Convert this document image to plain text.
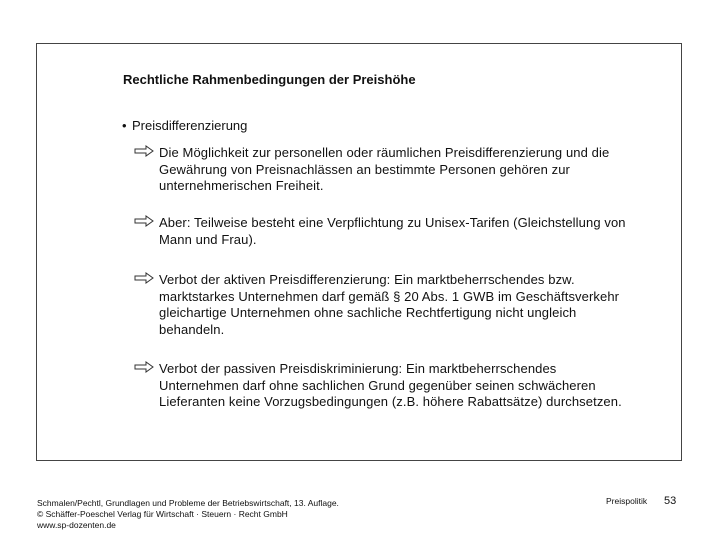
Rechtliche Rahmenbedingungen der Preishöhe
• Preisdifferenzierung
Die Möglichkeit zur personellen oder räumlichen Preisdifferenzierung und die Gewährung von Preisnachlässen an bestimmte Personen gehören zur unternehmerischen Freiheit.
Aber: Teilweise besteht eine Verpflichtung zu Unisex-Tarifen (Gleichstellung von Mann und Frau).
Verbot der aktiven Preisdifferenzierung: Ein marktbeherrschendes bzw. marktstarkes Unternehmen darf gemäß § 20 Abs. 1 GWB im Geschäftsverkehr gleichartige Unternehmen ohne sachliche Rechtfertigung nicht ungleich behandeln.
Verbot der passiven Preisdiskriminierung: Ein marktbeherrschendes Unternehmen darf ohne sachlichen Grund gegenüber seinen schwächeren Lieferanten keine Vorzugsbedingungen (z.B. höhere Rabattsätze) durchsetzen.
Schmalen/Pechtl, Grundlagen und Probleme der Betriebswirtschaft, 13. Auflage.
© Schäffer-Poeschel Verlag für Wirtschaft · Steuern · Recht GmbH
www.sp-dozenten.de
Preispolitik 53
